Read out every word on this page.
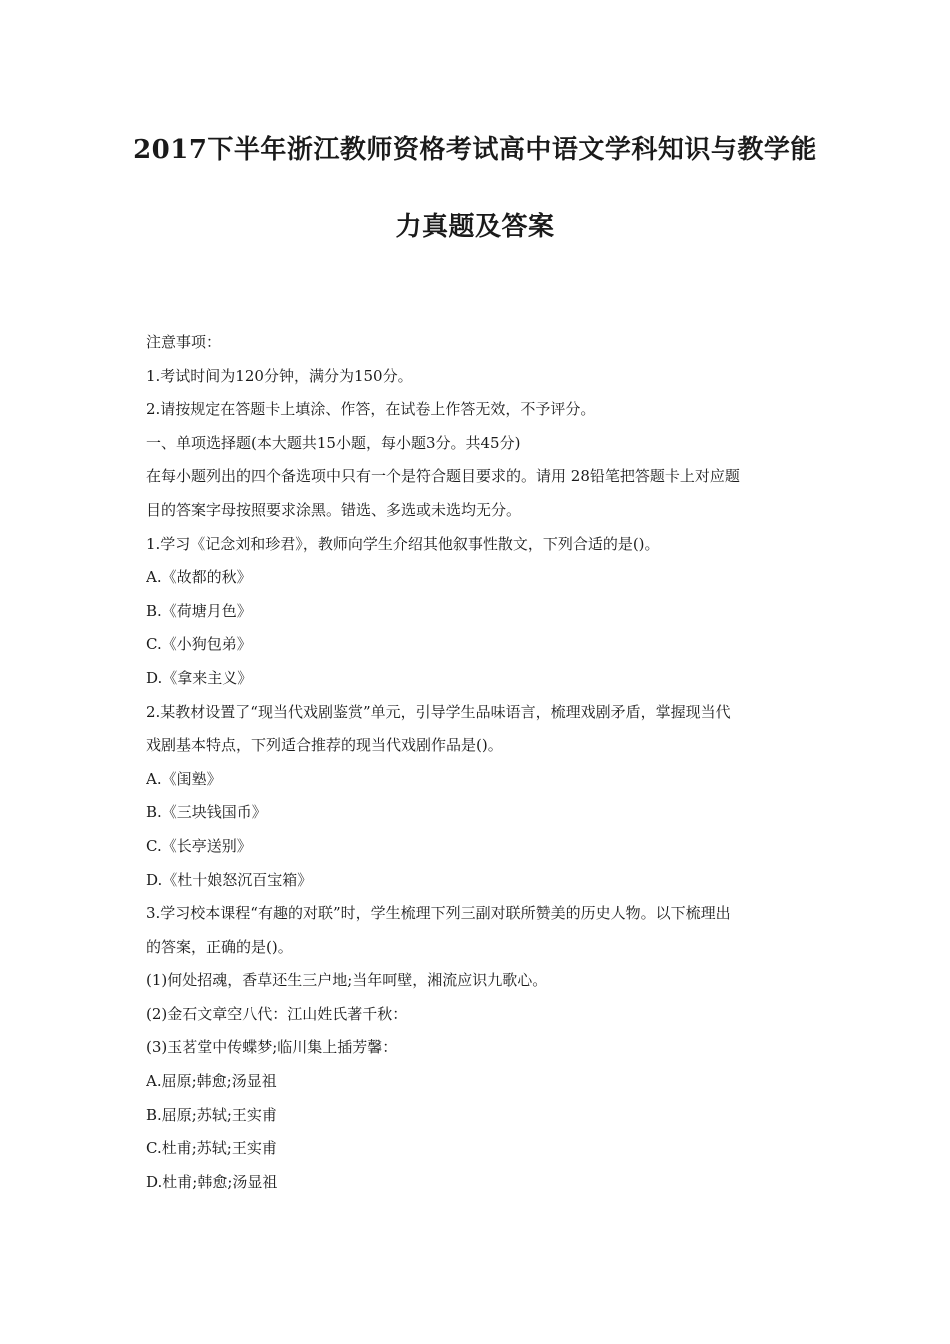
2017下半年浙江教师资格考试高中语文学科知识与教学能
力真题及答案
注意事项：
1.考试时间为120分钟，满分为150分。
2.请按规定在答题卡上填涂、作答，在试卷上作答无效，不予评分。
一、单项选择题(本大题共15小题，每小题3分。共45分)
在每小题列出的四个备选项中只有一个是符合题目要求的。请用 28铅笔把答题卡上对应题
目的答案字母按照要求涂黑。错选、多选或未选均无分。
1.学习《记念刘和珍君》，教师向学生介绍其他叙事性散文，下列合适的是()。
A.《故都的秋》
B.《荷塘月色》
C.《小狗包弟》
D.《拿来主义》
2.某教材设置了“现当代戏剧鉴赏”单元，引导学生品味语言，梳理戏剧矛盾，掌握现当代
戏剧基本特点，下列适合推荐的现当代戏剧作品是()。
A.《闺塾》
B.《三块钱国币》
C.《长亭送别》
D.《杜十娘怒沉百宝箱》
3.学习校本课程“有趣的对联”时，学生梳理下列三副对联所赞美的历史人物。以下梳理出
的答案，正确的是()。
(1)何处招魂，香草还生三户地;当年呵壁，湘流应识九歌心。
(2)金石文章空八代：江山姓氏著千秋：
(3)玉茗堂中传蝶梦;临川集上插芳馨：
A.屈原;韩愈;汤显祖
B.屈原;苏轼;王实甫
C.杜甫;苏轼;王实甫
D.杜甫;韩愈;汤显祖
